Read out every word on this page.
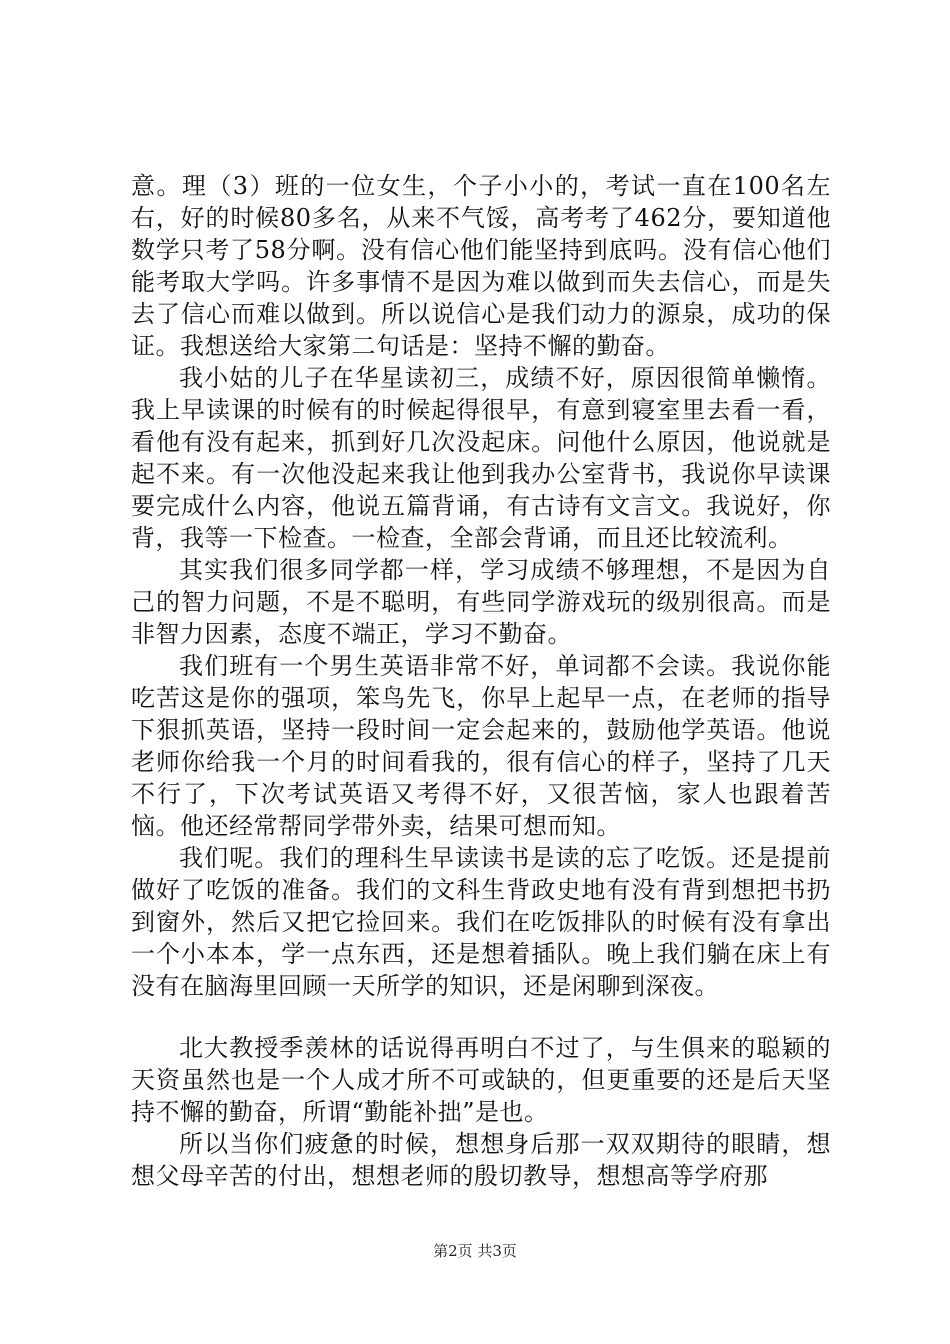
意。理（3）班的一位女生，个子小小的，考试一直在100名左右，好的时候80多名，从来不气馁，高考考了462分，要知道他数学只考了58分啊。没有信心他们能坚持到底吗。没有信心他们能考取大学吗。许多事情不是因为难以做到而失去信心，而是失去了信心而难以做到。所以说信心是我们动力的源泉，成功的保证。我想送给大家第二句话是：坚持不懈的勤奋。

我小姑的儿子在华星读初三，成绩不好，原因很简单懒惰。我上早读课的时候有的时候起得很早，有意到寝室里去看一看，看他有没有起来，抓到好几次没起床。问他什么原因，他说就是起不来。有一次他没起来我让他到我办公室背书，我说你早读课要完成什么内容，他说五篇背诵，有古诗有文言文。我说好，你背，我等一下检查。一检查，全部会背诵，而且还比较流利。

其实我们很多同学都一样，学习成绩不够理想，不是因为自己的智力问题，不是不聪明，有些同学游戏玩的级别很高。而是非智力因素，态度不端正，学习不勤奋。

我们班有一个男生英语非常不好，单词都不会读。我说你能吃苦这是你的强项，笨鸟先飞，你早上起早一点，在老师的指导下狠抓英语，坚持一段时间一定会起来的，鼓励他学英语。他说老师你给我一个月的时间看我的，很有信心的样子，坚持了几天不行了，下次考试英语又考得不好，又很苦恼，家人也跟着苦恼。他还经常帮同学带外卖，结果可想而知。

我们呢。我们的理科生早读读书是读的忘了吃饭。还是提前做好了吃饭的准备。我们的文科生背政史地有没有背到想把书扔到窗外，然后又把它捡回来。我们在吃饭排队的时候有没有拿出一个小本本，学一点东西，还是想着插队。晚上我们躺在床上有没有在脑海里回顾一天所学的知识，还是闲聊到深夜。

北大教授季羡林的话说得再明白不过了，与生俱来的聪颖的天资虽然也是一个人成才所不可或缺的，但更重要的还是后天坚持不懈的勤奋，所谓“勤能补拙”是也。

所以当你们疲惫的时候，想想身后那一双双期待的眼睛，想想父母辛苦的付出，想想老师的殷切教导，想想高等学府那

第2页 共3页
